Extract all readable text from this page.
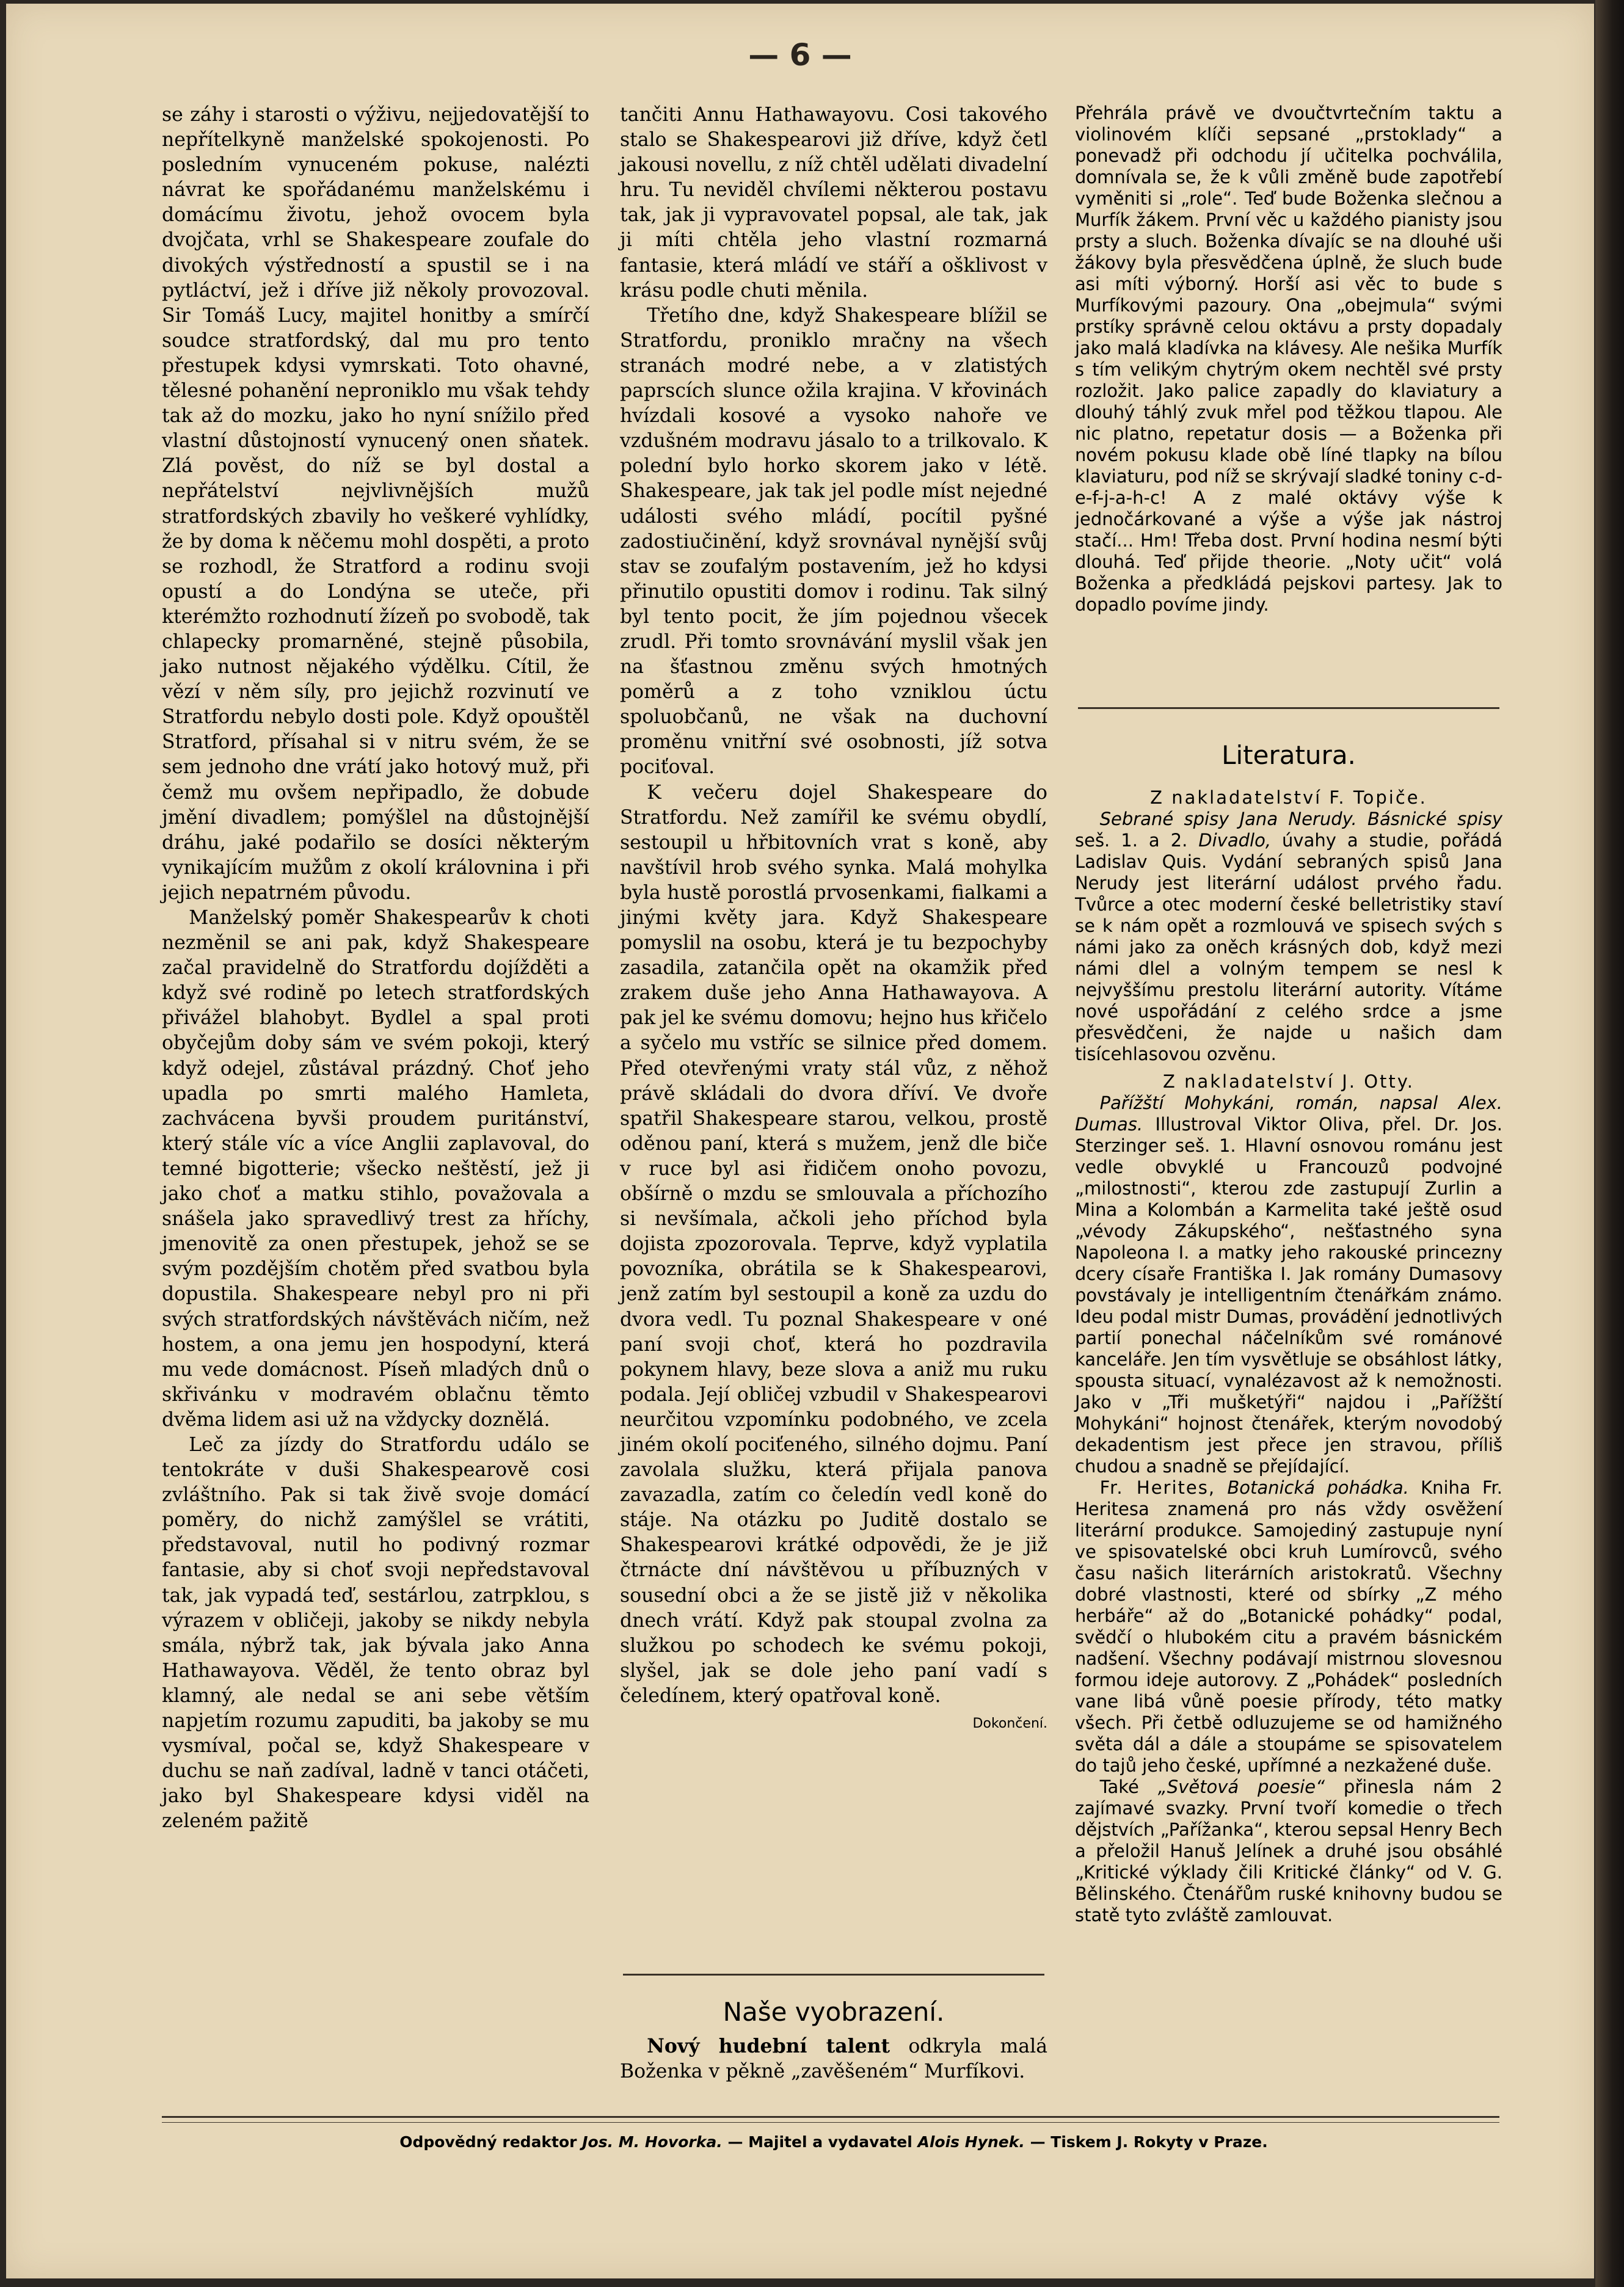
— 6 —

se záhy i starosti o výživu, nejjedovatější to nepřítelkyně manželské spokojenosti. Po posledním vynuceném pokuse, nalézti návrat ke spořádanému manželskému i domácímu životu, jehož ovocem byla dvojčata, vrhl se Shakespeare zoufale do divokých výstředností a spustil se i na pytláctví, jež i dříve již několy provozoval. Sir Tomáš Lucy, majitel honitby a smírčí soudce stratfordský, dal mu pro tento přestupek kdysi vymrskati. Toto ohavné, tělesné pohanění neproniklo mu však tehdy tak až do mozku, jako ho nyní snížilo před vlastní důstojností vynucený onen sňatek. Zlá pověst, do níž se byl dostal a nepřátelství nejvlivnějších mužů stratfordských zbavily ho veškeré vyhlídky, že by doma k něčemu mohl dospěti, a proto se rozhodl, že Stratford a rodinu svoji opustí a do Londýna se uteče, při kterémžto rozhodnutí žízeň po svobodě, tak chlapecky promarněné, stejně působila, jako nutnost nějakého výdělku. Cítil, že vězí v něm síly, pro jejichž rozvinutí ve Stratfordu nebylo dosti pole. Když opouštěl Stratford, přísahal si v nitru svém, že se sem jednoho dne vrátí jako hotový muž, při čemž mu ovšem nepřipadlo, že dobude jmění divadlem; pomýšlel na důstojnější dráhu, jaké podařilo se dosíci některým vynikajícím mužům z okolí královnina i při jejich nepatrném původu.

Manželský poměr Shakespearův k choti nezměnil se ani pak, když Shakespeare začal pravidelně do Stratfordu dojížděti a když své rodině po letech stratfordských přivážel blahobyt. Bydlel a spal proti obyčejům doby sám ve svém pokoji, který když odejel, zůstával prázdný. Choť jeho upadla po smrti malého Hamleta, zachvácena byvši proudem puritánství, který stále víc a více Anglii zaplavoval, do temné bigotterie; všecko neštěstí, jež ji jako choť a matku stihlo, považovala a snášela jako spravedlivý trest za hříchy, jmenovitě za onen přestupek, jehož se se svým pozdějším chotěm před svatbou byla dopustila. Shakespeare nebyl pro ni při svých stratfordských návštěvách ničím, než hostem, a ona jemu jen hospodyní, která mu vede domácnost. Píseň mladých dnů o skřivánku v modravém oblačnu těmto dvěma lidem asi už na vždycky doznělá.

Leč za jízdy do Stratfordu událo se tentokráte v duši Shakespearově cosi zvláštního. Pak si tak živě svoje domácí poměry, do nichž zamýšlel se vrátiti, představoval, nutil ho podivný rozmar fantasie, aby si choť svoji nepředstavoval tak, jak vypadá teď, sestárlou, zatrpklou, s výrazem v obličeji, jakoby se nikdy nebyla smála, nýbrž tak, jak bývala jako Anna Hathawayova. Věděl, že tento obraz byl klamný, ale nedal se ani sebe větším napjetím rozumu zapuditi, ba jakoby se mu vysmíval, počal se, když Shakespeare v duchu se naň zadíval, ladně v tanci otáčeti, jako byl Shakespeare kdysi viděl na zeleném pažitě

tančiti Annu Hathawayovu. Cosi takového stalo se Shakespearovi již dříve, když četl jakousi novellu, z níž chtěl udělati divadelní hru. Tu neviděl chvílemi některou postavu tak, jak ji vypravovatel popsal, ale tak, jak ji míti chtěla jeho vlastní rozmarná fantasie, která mládí ve stáří a ošklivost v krásu podle chuti měnila.

Třetího dne, když Shakespeare blížil se Stratfordu, proniklo mračny na všech stranách modré nebe, a v zlatistých paprscích slunce ožila krajina. V křovinách hvízdali kosové a vysoko nahoře ve vzdušném modravu jásalo to a trilkovalo. K polední bylo horko skorem jako v létě. Shakespeare, jak tak jel podle míst nejedné události svého mládí, pocítil pyšné zadostiučinění, když srovnával nynější svůj stav se zoufalým postavením, jež ho kdysi přinutilo opustiti domov i rodinu. Tak silný byl tento pocit, že jím pojednou všecek zrudl. Při tomto srovnávání myslil však jen na šťastnou změnu svých hmotných poměrů a z toho vzniklou úctu spoluobčanů, ne však na duchovní proměnu vnitřní své osobnosti, jíž sotva pociťoval.

K večeru dojel Shakespeare do Stratfordu. Než zamířil ke svému obydlí, sestoupil u hřbitovních vrat s koně, aby navštívil hrob svého synka. Malá mohylka byla hustě porostlá prvosenkami, fialkami a jinými květy jara. Když Shakespeare pomyslil na osobu, která je tu bezpochyby zasadila, zatančila opět na okamžik před zrakem duše jeho Anna Hathawayova. A pak jel ke svému domovu; hejno hus křičelo a syčelo mu vstříc se silnice před domem. Před otevřenými vraty stál vůz, z něhož právě skládali do dvora dříví. Ve dvoře spatřil Shakespeare starou, velkou, prostě oděnou paní, která s mužem, jenž dle biče v ruce byl asi řidičem onoho povozu, obšírně o mzdu se smlouvala a příchozího si nevšímala, ačkoli jeho příchod byla dojista zpozorovala. Teprve, když vyplatila povozníka, obrátila se k Shakespearovi, jenž zatím byl sestoupil a koně za uzdu do dvora vedl. Tu poznal Shakespeare v oné paní svoji choť, která ho pozdravila pokynem hlavy, beze slova a aniž mu ruku podala. Její obličej vzbudil v Shakespearovi neurčitou vzpomínku podobného, ve zcela jiném okolí pociťeného, silného dojmu. Paní zavolala služku, která přijala panova zavazadla, zatím co čeledín vedl koně do stáje. Na otázku po Juditě dostalo se Shakespearovi krátké odpovědi, že je již čtrnácte dní návštěvou u příbuzných v sousední obci a že se jistě již v několika dnech vrátí. Když pak stoupal zvolna za služkou po schodech ke svému pokoji, slyšel, jak se dole jeho paní vadí s čeledínem, který opatřoval koně.

Dokončení.
Naše vyobrazení.

Nový hudební talent odkryla malá Boženka v pěkně „zavěšeném“ Murfíkovi.

Přehrála právě ve dvoučtvrtečním taktu a violinovém klíči sepsané „prstoklady“ a ponevadž při odchodu jí učitelka pochválila, domnívala se, že k vůli změně bude zapotřebí vyměniti si „role“. Teď bude Boženka slečnou a Murfík žákem. První věc u každého pianisty jsou prsty a sluch. Boženka dívajíc se na dlouhé uši žákovy byla přesvědčena úplně, že sluch bude asi míti výborný. Horší asi věc to bude s Murfíkovými pazoury. Ona „obejmula“ svými prstíky správně celou oktávu a prsty dopadaly jako malá kladívka na klávesy. Ale nešika Murfík s tím velikým chytrým okem nechtěl své prsty rozložit. Jako palice zapadly do klaviatury a dlouhý táhlý zvuk mřel pod těžkou tlapou. Ale nic platno, repetatur dosis — a Boženka při novém pokusu klade obě líné tlapky na bílou klaviaturu, pod níž se skrývají sladké toniny c-d-e-f-j-a-h-c! A z malé oktávy výše k jednočárkované a výše a výše jak nástroj stačí... Hm! Třeba dost. První hodina nesmí býti dlouhá. Teď přijde theorie. „Noty učit“ volá Boženka a předkládá pejskovi partesy. Jak to dopadlo povíme jindy.

Literatura.
Z nakladatelství F. Topiče.

Sebrané spisy Jana Nerudy. Básnické spisy seš. 1. a 2. Divadlo, úvahy a studie, pořádá Ladislav Quis. Vydání sebraných spisů Jana Nerudy jest literární událost prvého řadu. Tvůrce a otec moderní české belletristiky staví se k nám opět a rozmlouvá ve spisech svých s námi jako za oněch krásných dob, když mezi námi dlel a volným tempem se nesl k nejvyššímu prestolu literární autority. Vítáme nové uspořádání z celého srdce a jsme přesvědčeni, že najde u našich dam tisícehlasovou ozvěnu.

Z nakladatelství J. Otty.

Pařížští Mohykáni, román, napsal Alex. Dumas. Illustroval Viktor Oliva, přel. Dr. Jos. Sterzinger seš. 1. Hlavní osnovou románu jest vedle obvyklé u Francouzů podvojné „milostnosti“, kterou zde zastupují Zurlin a Mina a Kolombán a Karmelita také ještě osud „vévody Zákupského“, nešťastného syna Napoleona I. a matky jeho rakouské princezny dcery císaře Františka I. Jak romány Dumasovy povstávaly je intelligentním čtenářkám známo. Ideu podal mistr Dumas, provádění jednotlivých partií ponechal náčelníkům své románové kanceláře. Jen tím vysvětluje se obsáhlost látky, spousta situací, vynalézavost až k nemožnosti. Jako v „Tři mušketýři“ najdou i „Pařížští Mohykáni“ hojnost čtenářek, kterým novodobý dekadentism jest přece jen stravou, příliš chudou a snadně se přejídající.

Fr. Herites, Botanická pohádka. Kniha Fr. Heritesa znamená pro nás vždy osvěžení literární produkce. Samojediný zastupuje nyní ve spisovatelské obci kruh Lumírovců, svého času našich literárních aristokratů. Všechny dobré vlastnosti, které od sbírky „Z mého herbáře“ až do „Botanické pohádky“ podal, svědčí o hlubokém citu a pravém básnickém nadšení. Všechny podávají mistrnou slovesnou formou ideje autorovy. Z „Pohádek“ posledních vane libá vůně poesie přírody, této matky všech. Při četbě odluzujeme se od hamižného světa dál a dále a stoupáme se spisovatelem do tajů jeho české, upřímné a nezkažené duše.

Také „Světová poesie“ přinesla nám 2 zajímavé svazky. První tvoří komedie o třech dějstvích „Pařížanka“, kterou sepsal Henry Bech a přeložil Hanuš Jelínek a druhé jsou obsáhlé „Kritické výklady čili Kritické články“ od V. G. Bělinského. Čtenářům ruské knihovny budou se statě tyto zvláště zamlouvat.

Odpovědný redaktor Jos. M. Hovorka. — Majitel a vydavatel Alois Hynek. — Tiskem J. Rokyty v Praze.
